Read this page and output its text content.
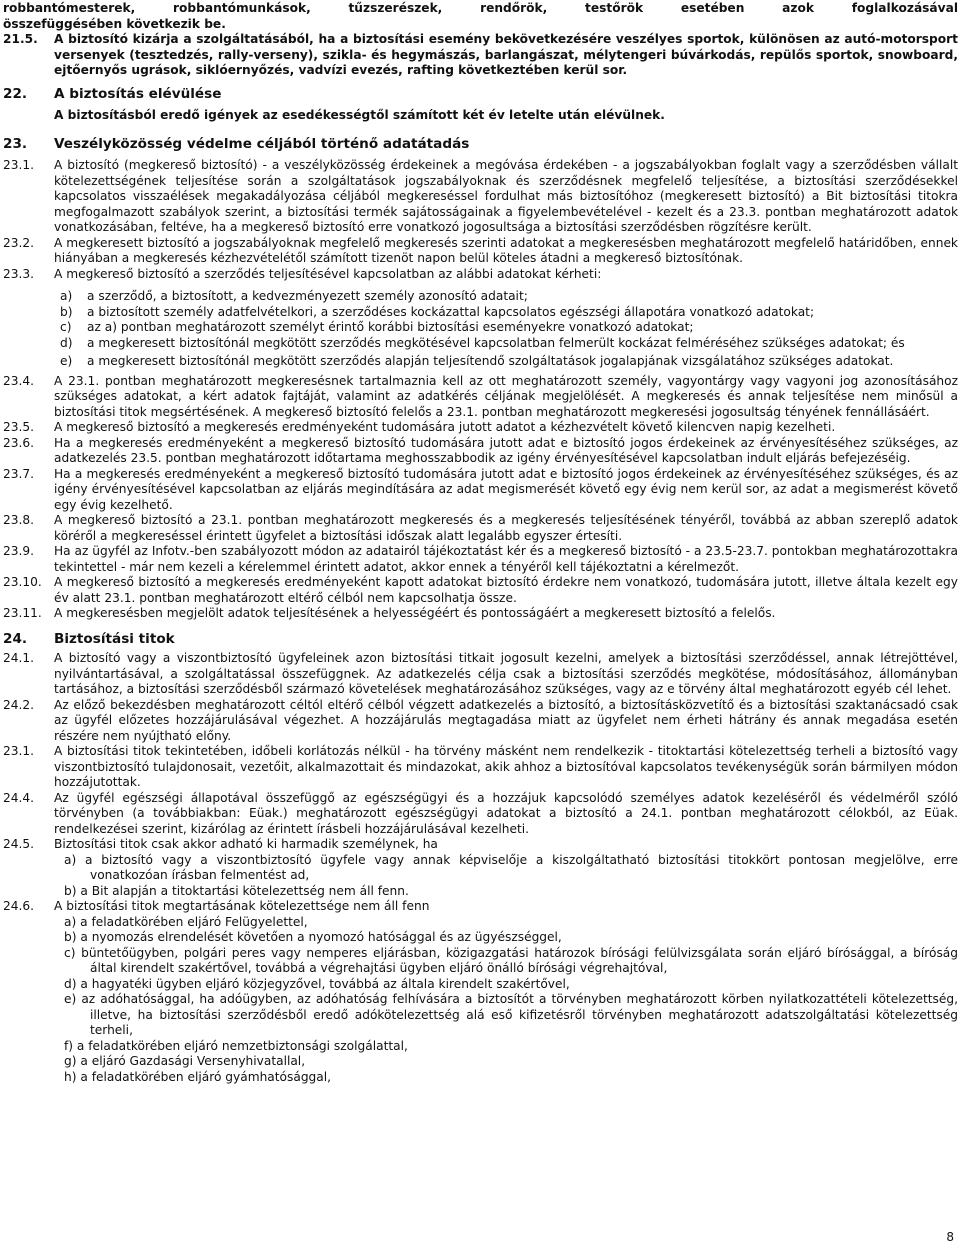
robbantómesterek, robbantómunkások, tűzszerészek, rendőrök, testőrök esetében azok foglalkozásával
összefüggésében következik be.
21.5. A biztosító kizárja a szolgáltatásából, ha a biztosítási esemény bekövetkezésére veszélyes sportok, különösen az autó-motorsport versenyek (tesztedzés, rally-verseny), szikla- és hegymászás, barlangászat, mélytengeri búvárkodás, repülős sportok, snowboard, ejtőernyős ugrások, siklóernyőzés, vadvízi evezés, rafting következtében kerül sor.
22. A biztosítás elévülése
A biztosításból eredő igények az esedékességtől számított két év letelte után elévülnek.
23. Veszélyközösség védelme céljából történő adatátadás
23.1. A biztosító (megkereső biztosító) - a veszélyközösség érdekeinek a megóvása érdekében - a jogszabályokban foglalt vagy a szerződésben vállalt kötelezettségének teljesítése során a szolgáltatások jogszabályoknak és szerződésnek megfelelő teljesítése, a biztosítási szerződésekkel kapcsolatos visszaélések megakadályozása céljából megkereséssel fordulhat más biztosítóhoz (megkeresett biztosító) a Bit biztosítási titokra megfogalmazott szabályok szerint, a biztosítási termék sajátosságainak a figyelembevételével - kezelt és a 23.3. pontban meghatározott adatok vonatkozásában, feltéve, ha a megkereső biztosító erre vonatkozó jogosultsága a biztosítási szerződésben rögzítésre került.
23.2. A megkeresett biztosító a jogszabályoknak megfelelő megkeresés szerinti adatokat a megkeresésben meghatározott megfelelő határidőben, ennek hiányában a megkeresés kézhezvételétől számított tizenöt napon belül köteles átadni a megkereső biztosítónak.
23.3. A megkereső biztosító a szerződés teljesítésével kapcsolatban az alábbi adatokat kérheti:
a) a szerződő, a biztosított, a kedvezményezett személy azonosító adatait;
b) a biztosított személy adatfelvételkori, a szerződéses kockázattal kapcsolatos egészségi állapotára vonatkozó adatokat;
c) az a) pontban meghatározott személyt érintő korábbi biztosítási eseményekre vonatkozó adatokat;
d) a megkeresett biztosítónál megkötött szerződés megkötésével kapcsolatban felmerült kockázat felméréséhez szükséges adatokat; és
e) a megkeresett biztosítónál megkötött szerződés alapján teljesítendő szolgáltatások jogalapjának vizsgálatához szükséges adatokat.
23.4. A 23.1. pontban meghatározott megkeresésnek tartalmaznia kell az ott meghatározott személy, vagyontárgy vagy vagyoni jog azonosításához szükséges adatokat, a kért adatok fajtáját, valamint az adatkérés céljának megjelölését. A megkeresés és annak teljesítése nem minősül a biztosítási titok megsértésének. A megkereső biztosító felelős a 23.1. pontban meghatározott megkeresési jogosultság tényének fennállásáért.
23.5. A megkereső biztosító a megkeresés eredményeként tudomására jutott adatot a kézhezvételt követő kilencven napig kezelheti.
23.6. Ha a megkeresés eredményeként a megkereső biztosító tudomására jutott adat e biztosító jogos érdekeinek az érvényesítéséhez szükséges, az adatkezelés 23.5. pontban meghatározott időtartama meghosszabbodik az igény érvényesítésével kapcsolatban indult eljárás befejezéséig.
23.7. Ha a megkeresés eredményeként a megkereső biztosító tudomására jutott adat e biztosító jogos érdekeinek az érvényesítéséhez szükséges, és az igény érvényesítésével kapcsolatban az eljárás megindítására az adat megismerését követő egy évig nem kerül sor, az adat a megismerést követő egy évig kezelhető.
23.8. A megkereső biztosító a 23.1. pontban meghatározott megkeresés és a megkeresés teljesítésének tényéről, továbbá az abban szereplő adatok köréről a megkereséssel érintett ügyfelet a biztosítási időszak alatt legalább egyszer értesíti.
23.9. Ha az ügyfél az Infotv.-ben szabályozott módon az adatairól tájékoztatást kér és a megkereső biztosító - a 23.5-23.7. pontokban meghatározottakra tekintettel - már nem kezeli a kérelemmel érintett adatot, akkor ennek a tényéről kell tájékoztatni a kérelmezőt.
23.10. A megkereső biztosító a megkeresés eredményeként kapott adatokat biztosító érdekre nem vonatkozó, tudomására jutott, illetve általa kezelt egy év alatt 23.1. pontban meghatározott eltérő célból nem kapcsolhatja össze.
23.11. A megkeresésben megjelölt adatok teljesítésének a helyességéért és pontosságáért a megkeresett biztosító a felelős.
24. Biztosítási titok
24.1. A biztosító vagy a viszontbiztosító ügyfeleinek azon biztosítási titkait jogosult kezelni, amelyek a biztosítási szerződéssel, annak létrejöttével, nyilvántartásával, a szolgáltatással összefüggnek. Az adatkezelés célja csak a biztosítási szerződés megkötése, módosításához, állományban tartásához, a biztosítási szerződésből származó követelések meghatározásához szükséges, vagy az e törvény által meghatározott egyéb cél lehet.
24.2. Az előző bekezdésben meghatározott céltól eltérő célból végzett adatkezelés a biztosító, a biztosításközvetítő és a biztosítási szaktanácsadó csak az ügyfél előzetes hozzájárulásával végezhet. A hozzájárulás megtagadása miatt az ügyfelet nem érheti hátrány és annak megadása esetén részére nem nyújtható előny.
23.1. A biztosítási titok tekintetében, időbeli korlátozás nélkül - ha törvény másként nem rendelkezik - titoktartási kötelezettség terheli a biztosító vagy viszontbiztosító tulajdonosait, vezetőit, alkalmazottait és mindazokat, akik ahhoz a biztosítóval kapcsolatos tevékenységük során bármilyen módon hozzájutottak.
24.4. Az ügyfél egészségi állapotával összefüggő az egészségügyi és a hozzájuk kapcsolódó személyes adatok kezeléséről és védelméről szóló törvényben (a továbbiakban: Eüak.) meghatározott egészségügyi adatokat a biztosító a 24.1. pontban meghatározott célokból, az Eüak. rendelkezései szerint, kizárólag az érintett írásbeli hozzájárulásával kezelheti.
24.5. Biztosítási titok csak akkor adható ki harmadik személynek, ha
a) a biztosító vagy a viszontbiztosító ügyfele vagy annak képviselője a kiszolgáltatható biztosítási titokkört pontosan megjelölve, erre vonatkozóan írásban felmentést ad,
b) a Bit alapján a titoktartási kötelezettség nem áll fenn.
24.6. A biztosítási titok megtartásának kötelezettsége nem áll fenn
a) a feladatkörében eljáró Felügyelettel,
b) a nyomozás elrendelését követően a nyomozó hatósággal és az ügyészséggel,
c) büntetőügyben, polgári peres vagy nemperes eljárásban, közigazgatási határozok bírósági felülvizsgálata során eljáró bírósággal, a bíróság által kirendelt szakértővel, továbbá a végrehajtási ügyben eljáró önálló bírósági végrehajtóval,
d) a hagyatéki ügyben eljáró közjegyzővel, továbbá az általa kirendelt szakértővel,
e) az adóhatósággal, ha adóügyben, az adóhatóság felhívására a biztosítót a törvényben meghatározott körben nyilatkozattételi kötelezettség, illetve, ha biztosítási szerződésből eredő adókötelezettség alá eső kifizetésről törvényben meghatározott adatszolgáltatási kötelezettség terheli,
f) a feladatkörében eljáró nemzetbiztonsági szolgálattal,
g) a eljáró Gazdasági Versenyhivatallal,
h) a feladatkörében eljáró gyámhatósággal,
8
